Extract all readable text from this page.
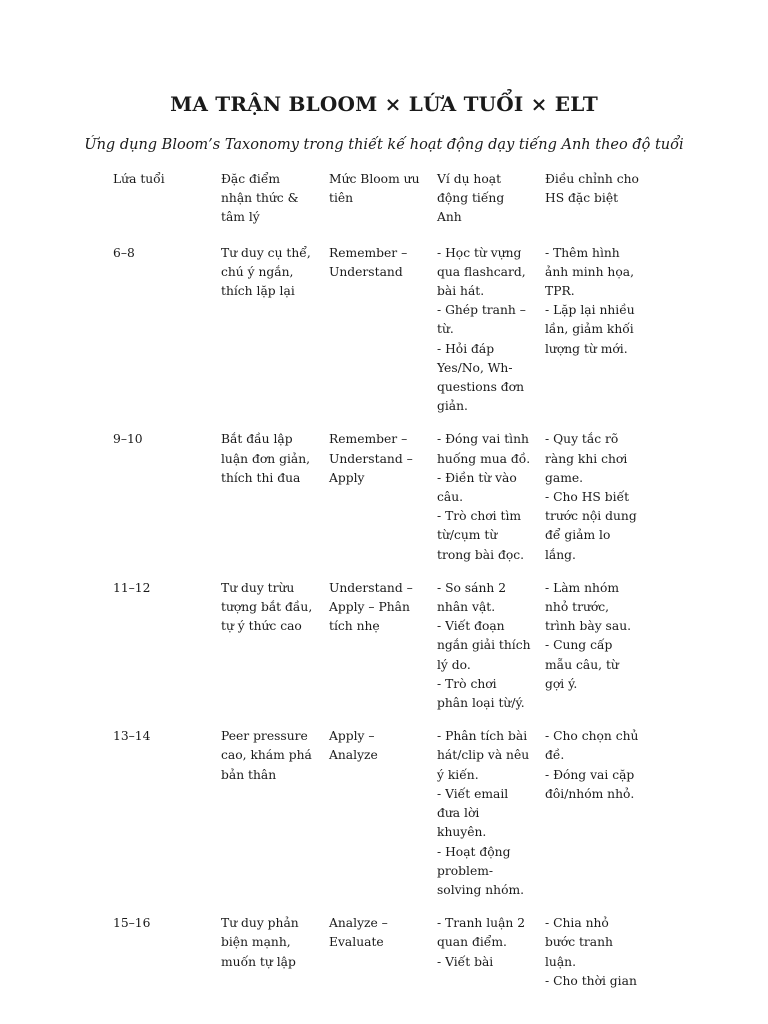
MA TRẬN BLOOM × LỨA TUỔI × ELT
Ứng dụng Bloom’s Taxonomy trong thiết kế hoạt động dạy tiếng Anh theo độ tuổi
Lứa tuổi	Đặc điểm nhận thức & tâm lý	Mức Bloom ưu tiên	Ví dụ hoạt động tiếng Anh	Điều chỉnh cho HS đặc biệt
6–8	Tư duy cụ thể, chú ý ngắn, thích lặp lại	Remember – Understand	- Học từ vựng qua flashcard, bài hát.
- Ghép tranh – từ.
- Hỏi đáp Yes/No, Wh-questions đơn giản.	- Thêm hình ảnh minh họa, TPR.
- Lặp lại nhiều lần, giảm khối lượng từ mới.

9–10	Bắt đầu lập luận đơn giản, thích thi đua	Remember – Understand – Apply	- Đóng vai tình huống mua đồ.
- Điền từ vào câu.
- Trò chơi tìm từ/cụm từ trong bài đọc.	- Quy tắc rõ ràng khi chơi game.
- Cho HS biết trước nội dung để giảm lo lắng.

11–12	Tư duy trừu tượng bắt đầu, tự ý thức cao	Understand – Apply – Phân tích nhẹ	- So sánh 2 nhân vật.
- Viết đoạn ngắn giải thích lý do.
- Trò chơi phân loại từ/ý.	- Làm nhóm nhỏ trước, trình bày sau.
- Cung cấp mẫu câu, từ gợi ý.

13–14	Peer pressure cao, khám phá bản thân	Apply – Analyze	- Phân tích bài hát/clip và nêu ý kiến.
- Viết email đưa lời khuyên.
- Hoạt động problem-solving nhóm.	- Cho chọn chủ đề.
- Đóng vai cặp đôi/nhóm nhỏ.

15–16	Tư duy phản biện mạnh, muốn tự lập	Analyze – Evaluate	- Tranh luận 2 quan điểm.
- Viết bài	- Chia nhỏ bước tranh luận.
- Cho thời gian
